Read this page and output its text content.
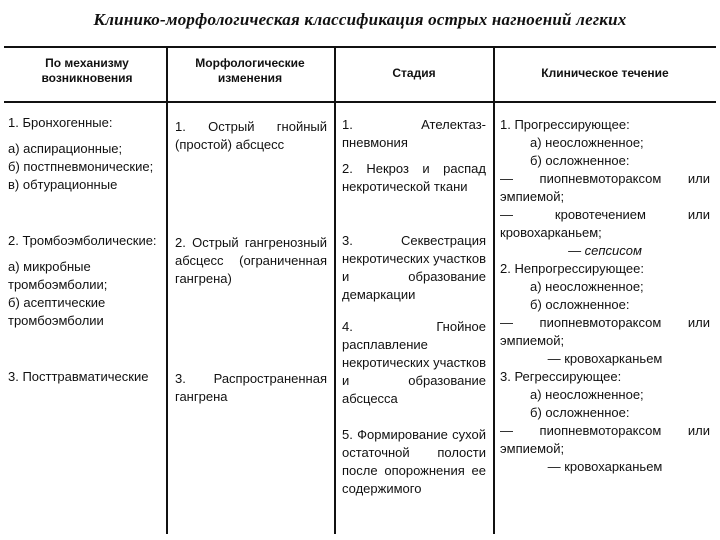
Клинико-морфологическая классификация острых нагноений легких
По механизму возникновения
Морфологические изменения	Стадия	Клиническое течение

1. Бронхогенные:

а) аспирационные;

б) постпневмонические;

в) обтурационные

2. Тромбоэмболические:

а) микробные тромбоэмболии;

б) асептические тромбоэмболии

3. Посттравматические

1. Острый гнойный (простой) абсцесс
2. Острый гангренозный абсцесс (ограниченная гангрена)
3. Распространенная гангрена
1. Ателектаз-пневмония
2. Некроз и распад некротической ткани
3. Секвестрация некротических участков и образование демаркации
4. Гнойное расплавление некротических участков и образование абсцесса
5. Формирование сухой остаточной полости после опорожнения ее содержимого

1. Прогрессирующее:

а) неосложненное;

б) осложненное:

— пиопневмотораксом или эмпиемой;

— кровотечением или кровохарканьем;

— сепсисом

2. Непрогрессирующее:

а) неосложненное;

б) осложненное:

— пиопневмотораксом или эмпиемой;

— кровохарканьем

3. Регрессирующее:

а) неосложненное;

б) осложненное:

— пиопневмотораксом или эмпиемой;

— кровохарканьем
